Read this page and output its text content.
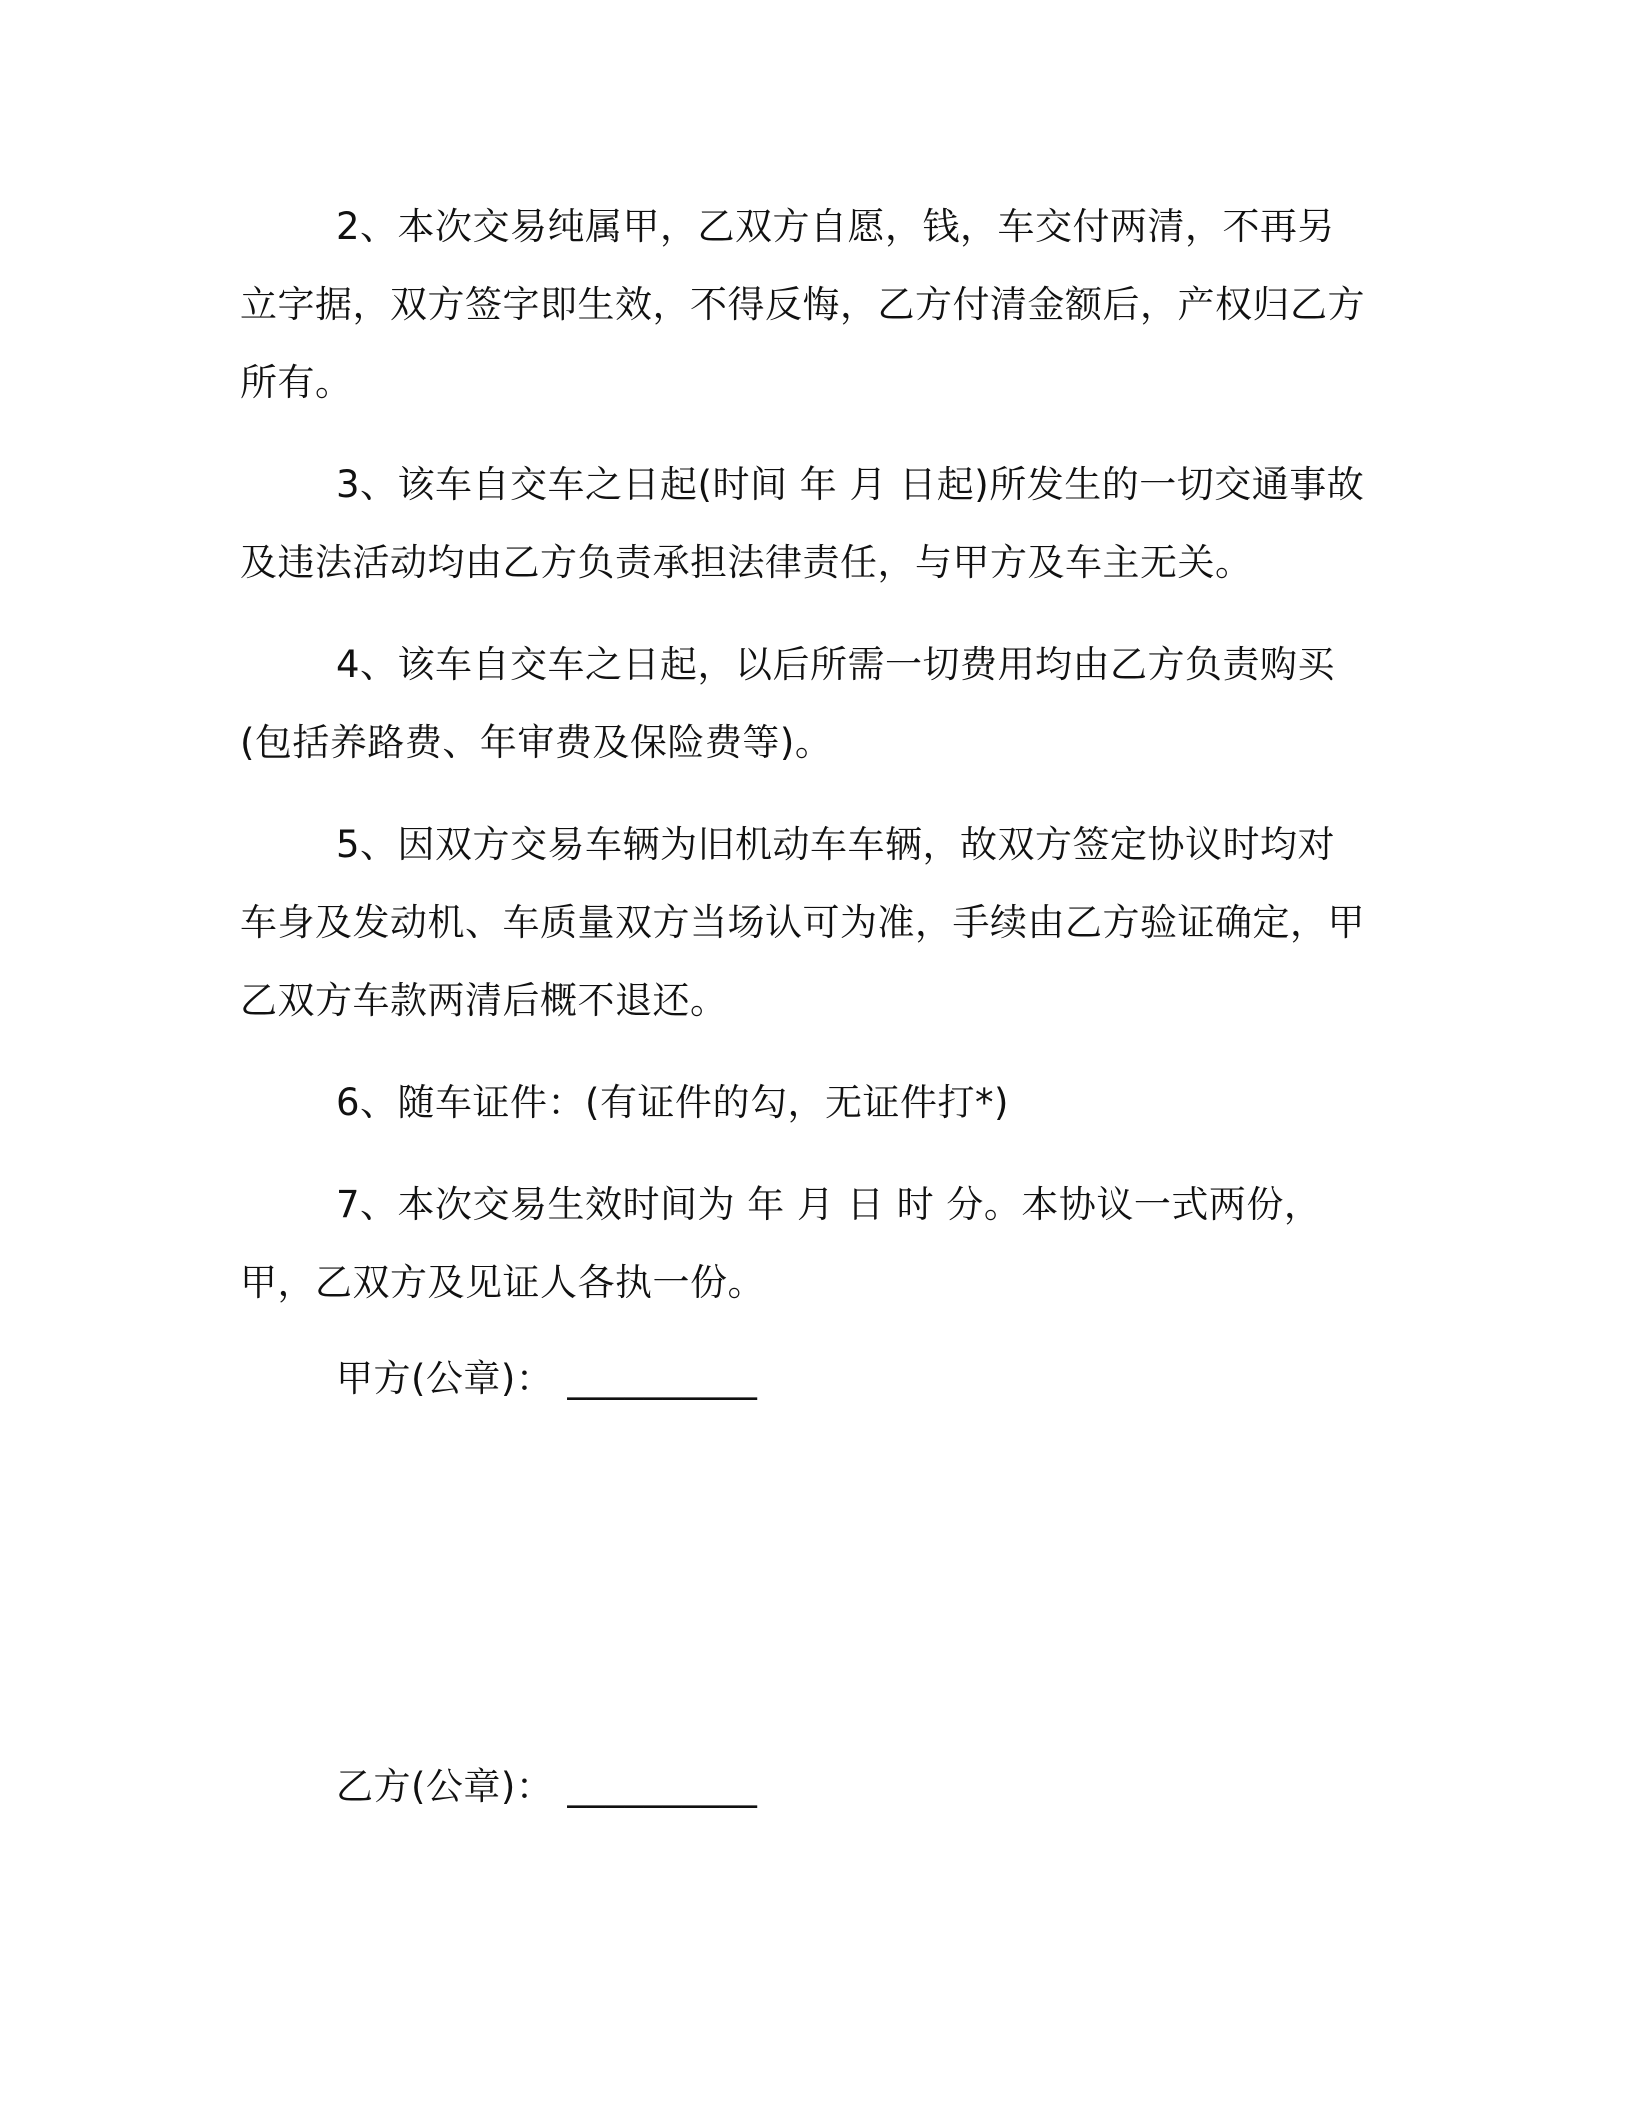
2、本次交易纯属甲，乙双方自愿，钱，车交付两清，不再另立字据，双方签字即生效，不得反悔，乙方付清金额后，产权归乙方所有。

3、该车自交车之日起(时间 年 月 日起)所发生的一切交通事故及违法活动均由乙方负责承担法律责任，与甲方及车主无关。

4、该车自交车之日起，以后所需一切费用均由乙方负责购买(包括养路费、年审费及保险费等)。

5、因双方交易车辆为旧机动车车辆，故双方签定协议时均对车身及发动机、车质量双方当场认可为准，手续由乙方验证确定，甲乙双方车款两清后概不退还。

6、随车证件：(有证件的勾，无证件打*)

7、本次交易生效时间为 年 月 日 时 分。本协议一式两份，甲，乙双方及见证人各执一份。

甲方(公章)： __________
乙方(公章)： __________
